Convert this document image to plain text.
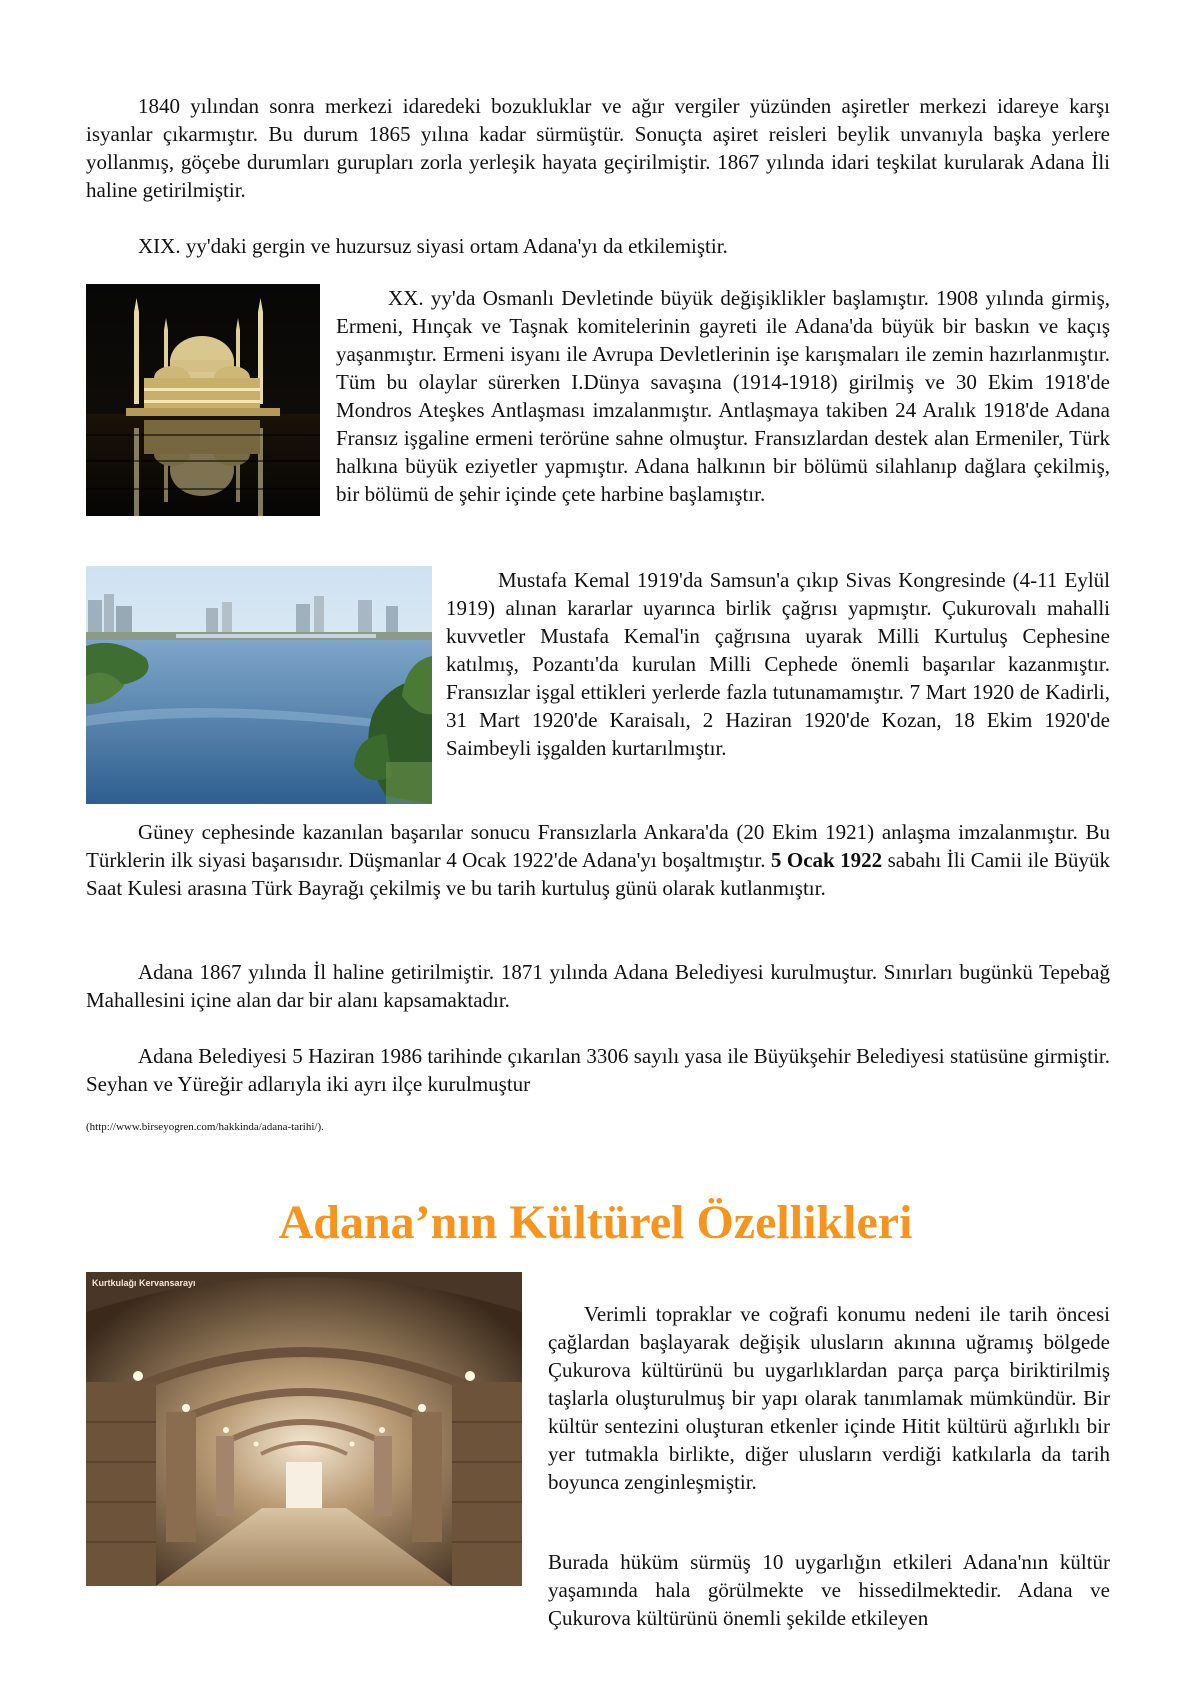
1840 yılından sonra merkezi idaredeki bozukluklar ve ağır vergiler yüzünden aşiretler merkezi idareye karşı isyanlar çıkarmıştır. Bu durum 1865 yılına kadar sürmüştür. Sonuçta aşiret reisleri beylik unvanıyla başka yerlere yollanmış, göçebe durumları gurupları zorla yerleşik hayata geçirilmiştir. 1867 yılında idari teşkilat kurularak Adana İli haline getirilmiştir.

XIX. yy'daki gergin ve huzursuz siyasi ortam Adana'yı da etkilemiştir.

XX. yy'da Osmanlı Devletinde büyük değişiklikler başlamıştır. 1908 yılında girmiş, Ermeni, Hınçak ve Taşnak komitelerinin gayreti ile Adana'da büyük bir baskın ve kaçış yaşanmıştır. Ermeni isyanı ile Avrupa Devletlerinin işe karışmaları ile zemin hazırlanmıştır. Tüm bu olaylar sürerken I.Dünya savaşına (1914-1918) girilmiş ve 30 Ekim 1918'de Mondros Ateşkes Antlaşması imzalanmıştır. Antlaşmaya takiben 24 Aralık 1918'de Adana Fransız işgaline ermeni terörüne sahne olmuştur. Fransızlardan destek alan Ermeniler, Türk halkına büyük eziyetler yapmıştır. Adana halkının bir bölümü silahlanıp dağlara çekilmiş, bir bölümü de şehir içinde çete harbine başlamıştır.

Mustafa Kemal 1919'da Samsun'a çıkıp Sivas Kongresinde (4-11 Eylül 1919) alınan kararlar uyarınca birlik çağrısı yapmıştır. Çukurovalı mahalli kuvvetler Mustafa Kemal'in çağrısına uyarak Milli Kurtuluş Cephesine katılmış, Pozantı'da kurulan Milli Cephede önemli başarılar kazanmıştır. Fransızlar işgal ettikleri yerlerde fazla tutunamamıştır. 7 Mart 1920 de Kadirli, 31 Mart 1920'de Karaisalı, 2 Haziran 1920'de Kozan, 18 Ekim 1920'de Saimbeyli işgalden kurtarılmıştır.

Güney cephesinde kazanılan başarılar sonucu Fransızlarla Ankara'da (20 Ekim 1921) anlaşma imzalanmıştır. Bu Türklerin ilk siyasi başarısıdır. Düşmanlar 4 Ocak 1922'de Adana'yı boşaltmıştır. 5 Ocak 1922 sabahı İli Camii ile Büyük Saat Kulesi arasına Türk Bayrağı çekilmiş ve bu tarih kurtuluş günü olarak kutlanmıştır.

Adana 1867 yılında İl haline getirilmiştir. 1871 yılında Adana Belediyesi kurulmuştur. Sınırları bugünkü Tepebağ Mahallesini içine alan dar bir alanı kapsamaktadır.

Adana Belediyesi 5 Haziran 1986 tarihinde çıkarılan 3306 sayılı yasa ile Büyükşehir Belediyesi statüsüne girmiştir. Seyhan ve Yüreğir adlarıyla iki ayrı ilçe kurulmuştur

(http://www.birseyogren.com/hakkinda/adana-tarihi/).
Adana’nın Kültürel Özellikleri
Kurtkulağı Kervansarayı

Verimli topraklar ve coğrafi konumu nedeni ile tarih öncesi çağlardan başlayarak değişik ulusların akınına uğramış bölgede Çukurova kültürünü bu uygarlıklardan parça parça biriktirilmiş taşlarla oluşturulmuş bir yapı olarak tanımlamak mümkündür. Bir kültür sentezini oluşturan etkenler içinde Hitit kültürü ağırlıklı bir yer tutmakla birlikte, diğer ulusların verdiği katkılarla da tarih boyunca zenginleşmiştir.

Burada hüküm sürmüş 10 uygarlığın etkileri Adana'nın kültür yaşamında hala görülmekte ve hissedilmektedir. Adana ve Çukurova kültürünü önemli şekilde etkileyen
